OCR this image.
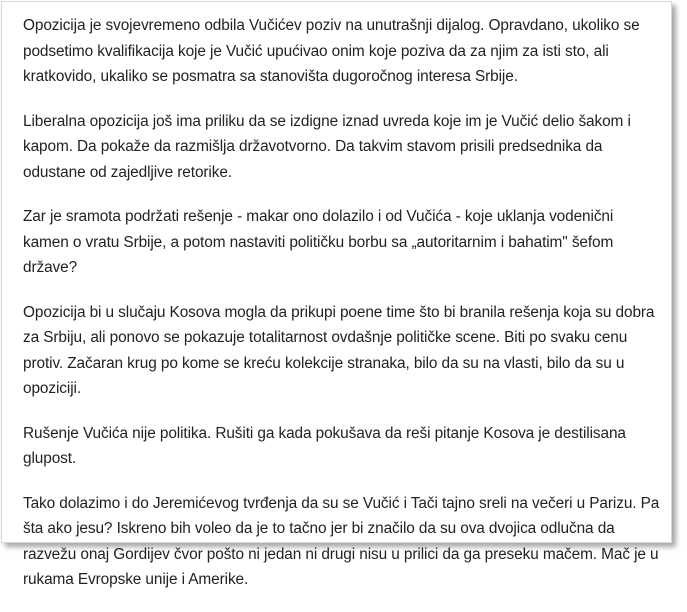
Opozicija je svojevremeno odbila Vučićev poziv na unutrašnji dijalog. Opravdano, ukoliko se podsetimo kvalifikacija koje je Vučić upućivao onim koje poziva da za njim za isti sto, ali kratkovido, ukaliko se posmatra sa stanovišta dugoročnog interesa Srbije.

Liberalna opozicija još ima priliku da se izdigne iznad uvreda koje im je Vučić delio šakom i kapom. Da pokaže da razmišlja državotvorno. Da takvim stavom prisili predsednika da odustane od zajedljive retorike.

Zar je sramota podržati rešenje - makar ono dolazilo i od Vučića - koje uklanja vodenični kamen o vratu Srbije, a potom nastaviti političku borbu sa „autoritarnim i bahatim" šefom države?

Opozicija bi u slučaju Kosova mogla da prikupi poene time što bi branila rešenja koja su dobra za Srbiju, ali ponovo se pokazuje totalitarnost ovdašnje političke scene. Biti po svaku cenu protiv. Začaran krug po kome se kreću kolekcije stranaka, bilo da su na vlasti, bilo da su u opoziciji.

Rušenje Vučića nije politika. Rušiti ga kada pokušava da reši pitanje Kosova je destilisana glupost.

Tako dolazimo i do Jeremićevog tvrđenja da su se Vučić i Tači tajno sreli na večeri u Parizu. Pa šta ako jesu? Iskreno bih voleo da je to tačno jer bi značilo da su ova dvojica odlučna da razvežu onaj Gordijev čvor pošto ni jedan ni drugi nisu u prilici da ga preseku mačem. Mač je u rukama Evropske unije i Amerike.
